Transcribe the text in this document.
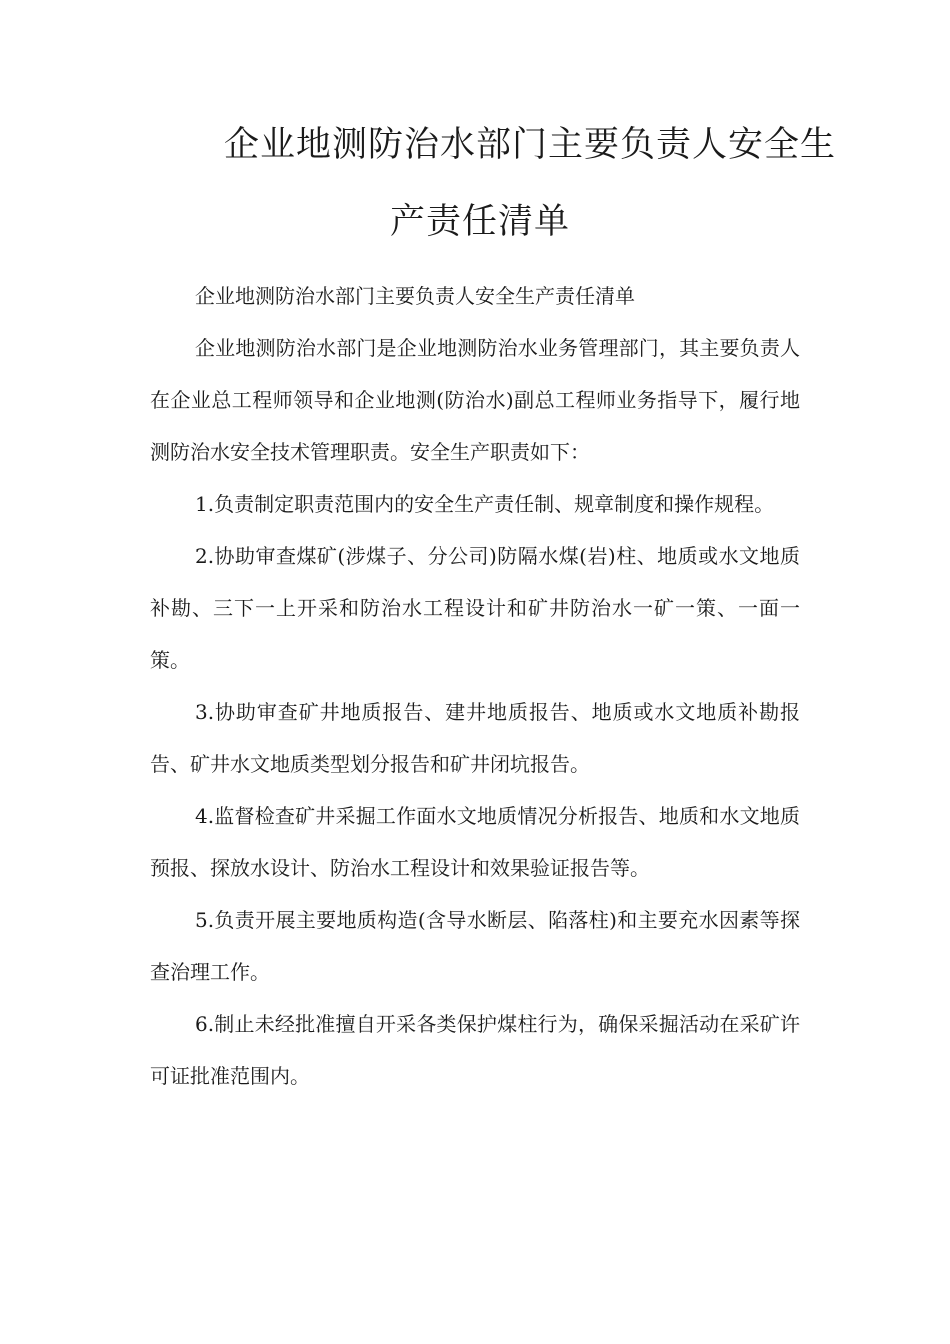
企业地测防治水部门主要负责人安全生
产责任清单

企业地测防治水部门主要负责人安全生产责任清单

企业地测防治水部门是企业地测防治水业务管理部门，其主要负责人在企业总工程师领导和企业地测(防治水)副总工程师业务指导下，履行地测防治水安全技术管理职责。安全生产职责如下：

1.负责制定职责范围内的安全生产责任制、规章制度和操作规程。

2.协助审查煤矿(涉煤子、分公司)防隔水煤(岩)柱、地质或水文地质补勘、三下一上开采和防治水工程设计和矿井防治水一矿一策、一面一策。

3.协助审查矿井地质报告、建井地质报告、地质或水文地质补勘报告、矿井水文地质类型划分报告和矿井闭坑报告。

4.监督检查矿井采掘工作面水文地质情况分析报告、地质和水文地质预报、探放水设计、防治水工程设计和效果验证报告等。

5.负责开展主要地质构造(含导水断层、陷落柱)和主要充水因素等探查治理工作。

6.制止未经批准擅自开采各类保护煤柱行为，确保采掘活动在采矿许可证批准范围内。
